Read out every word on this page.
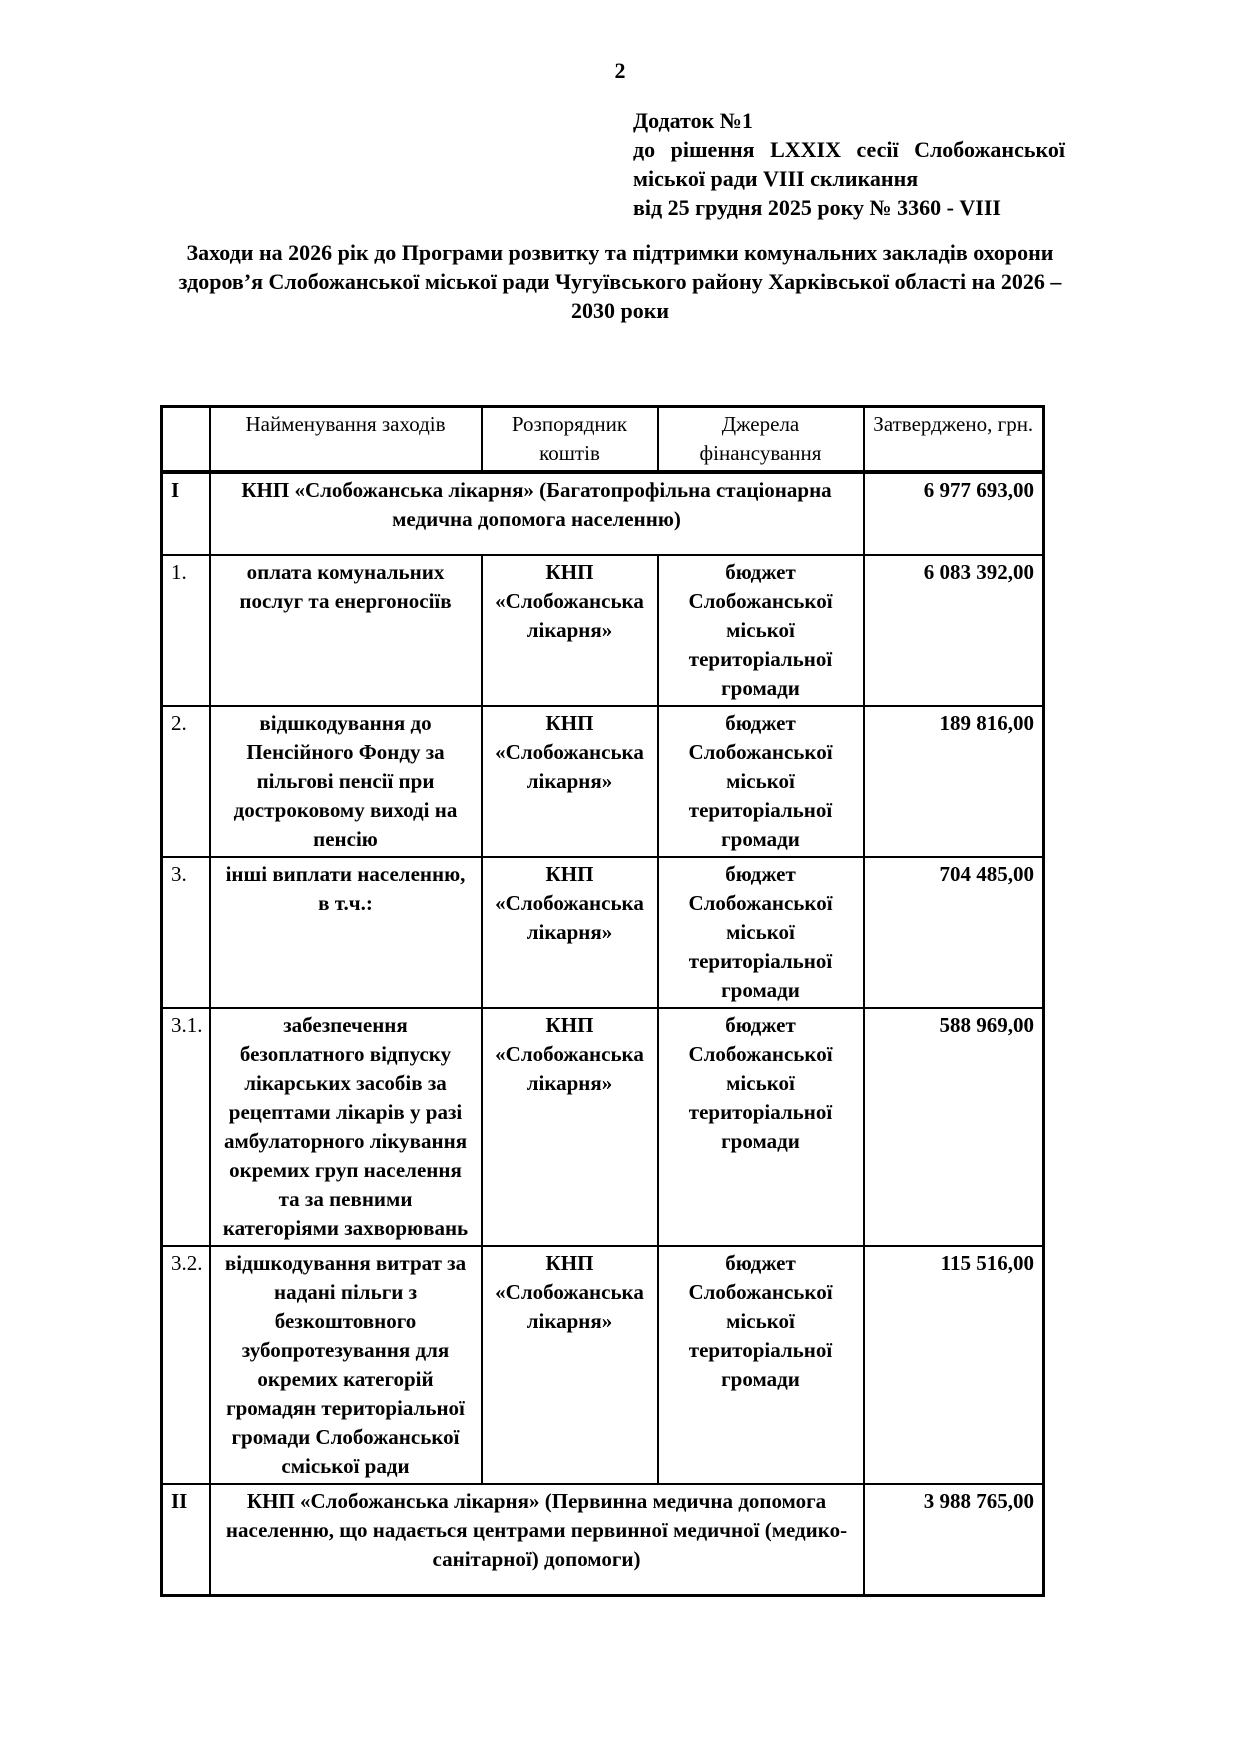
2
Додаток №1
до рішення LXXIX сесії Слобожанської
міської ради VIII скликання
від 25 грудня 2025 року № 3360 - VIII
Заходи на 2026 рік до Програми розвитку та підтримки комунальних закладів охорони здоров’я Слобожанської міської ради Чугуївського району Харківської області на 2026 – 2030 роки
	Найменування заходів	Розпорядник коштів	Джерела фінансування	Затверджено, грн.
I	КНП «Слобожанська лікарня» (Багатопрофільна стаціонарна медична допомога населенню)			6 977 693,00
1.	оплата комунальних послуг та енергоносіїв	КНП «Слобожанська лікарня»	бюджет Слобожанської міської територіальної громади	6 083 392,00
2.	відшкодування до Пенсійного Фонду за пільгові пенсії при достроковому виході на пенсію	КНП «Слобожанська лікарня»	бюджет Слобожанської міської територіальної громади	189 816,00
3.	інші виплати населенню, в т.ч.:	КНП «Слобожанська лікарня»	бюджет Слобожанської міської територіальної громади	704 485,00
3.1.	забезпечення безоплатного відпуску лікарських засобів за рецептами лікарів у разі амбулаторного лікування окремих груп населення та за певними категоріями захворювань	КНП «Слобожанська лікарня»	бюджет Слобожанської міської територіальної громади	588 969,00
3.2.	відшкодування витрат за надані пільги з безкоштовного зубопротезування для окремих категорій громадян територіальної громади Слобожанської сміської ради	КНП «Слобожанська лікарня»	бюджет Слобожанської міської територіальної громади	115 516,00
II	КНП «Слобожанська лікарня» (Первинна медична допомога населенню, що надається центрами первинної медичної (медико-санітарної) допомоги)			3 988 765,00
